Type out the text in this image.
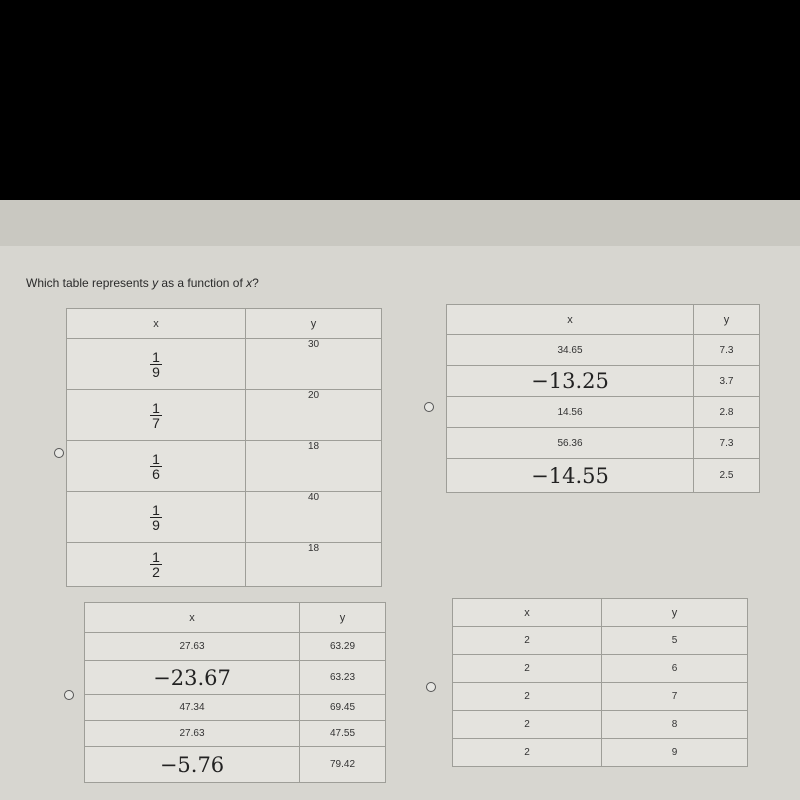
Which table represents y as a function of x?
x	y

$\frac{1}{9}$	30

$\frac{1}{7}$	20

$\frac{1}{6}$	18

$\frac{1}{9}$	40

$\frac{1}{2}$	18
x	y
34.65	7.3
−13.25	3.7
14.56	2.8
56.36	7.3
−14.55	2.5
x	y
27.63	63.29
−23.67	63.23
47.34	69.45
27.63	47.55
−5.76	79.42
x	y
2	5
2	6
2	7
2	8
2	9
